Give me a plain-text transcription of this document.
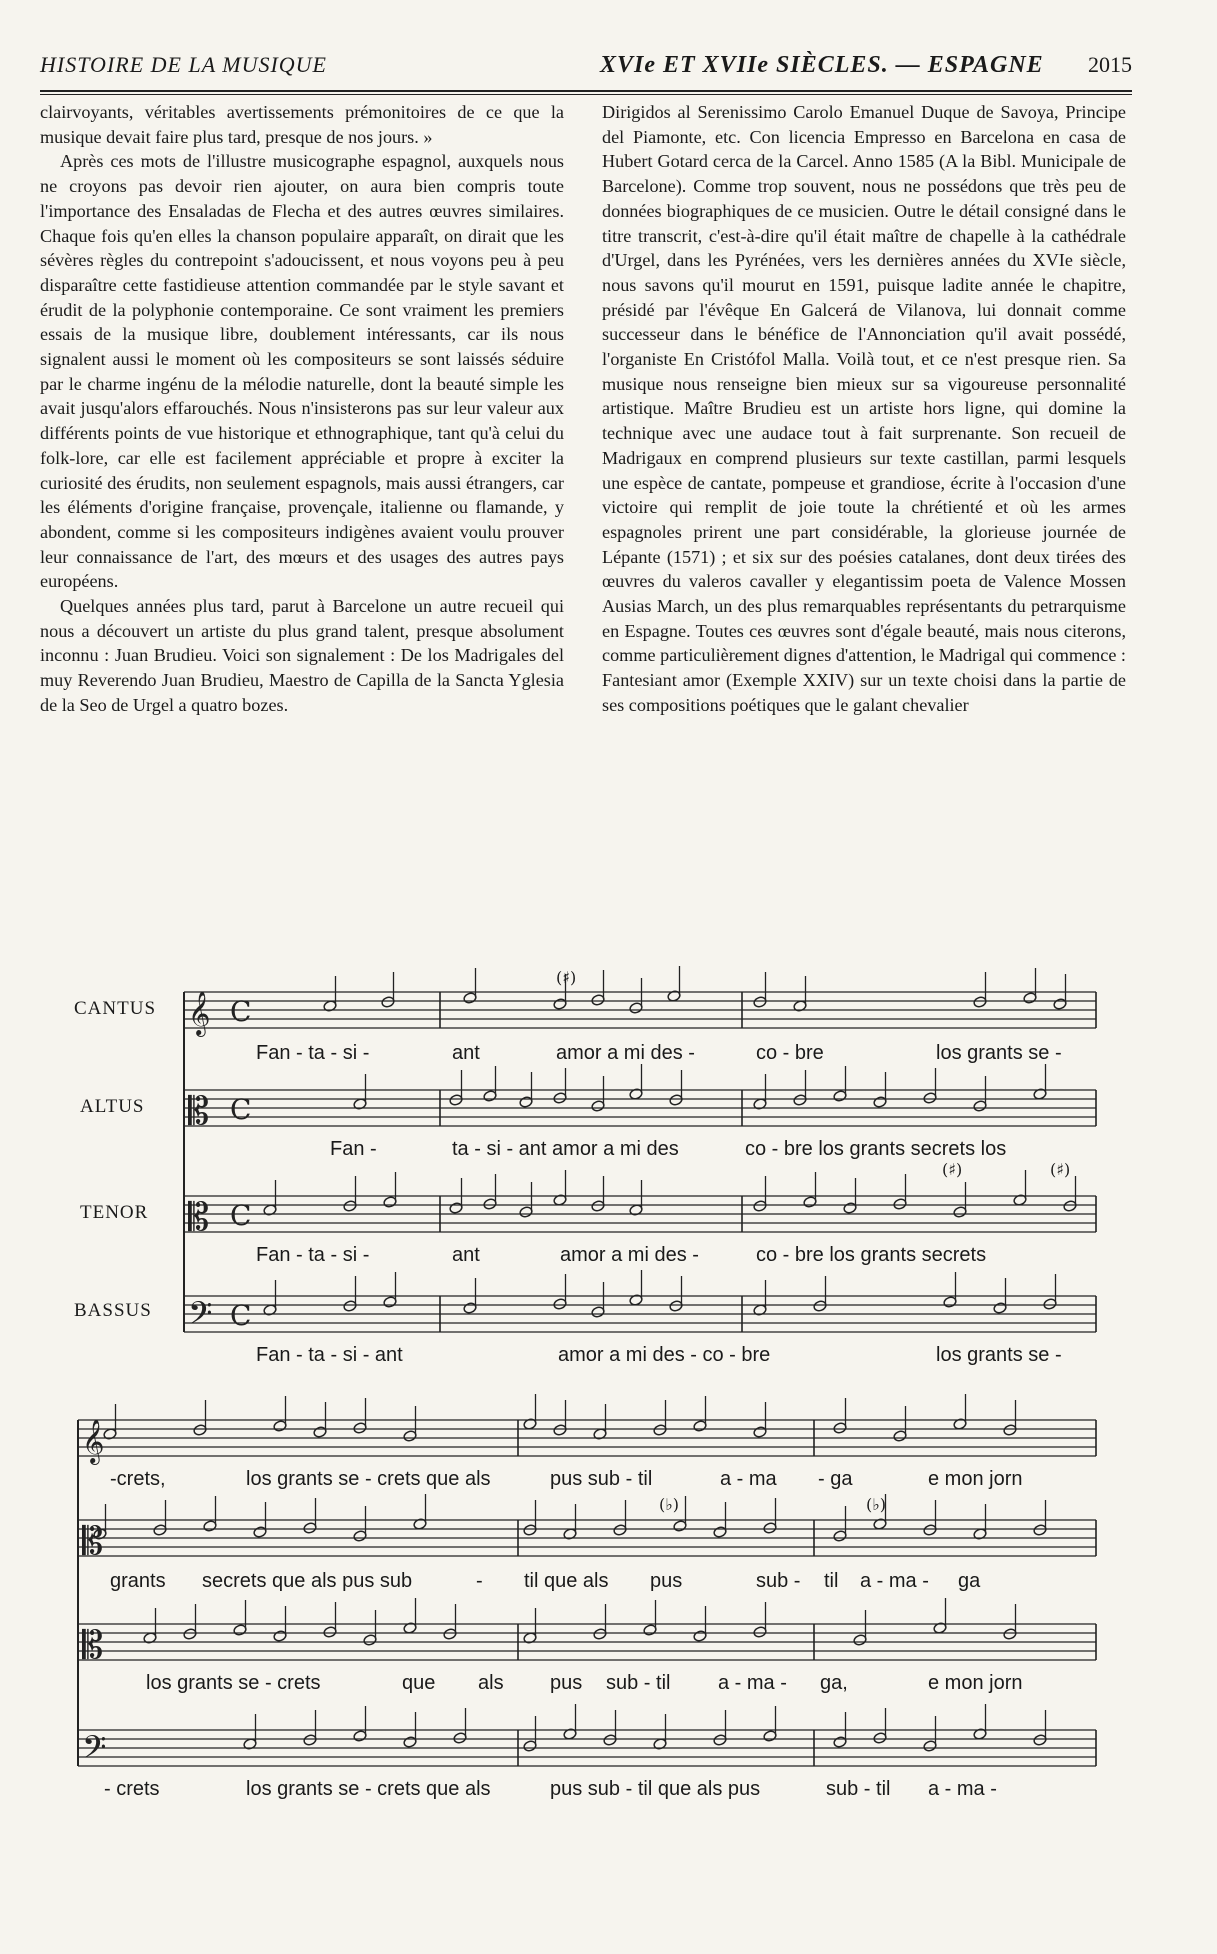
HISTOIRE DE LA MUSIQUE	XVIe ET XVIIe SIÈCLES. — ESPAGNE 2015

clairvoyants, véritables avertissements prémonitoires de ce que la musique devait faire plus tard, presque de nos jours. »

Après ces mots de l'illustre musicographe espagnol, auxquels nous ne croyons pas devoir rien ajouter, on aura bien compris toute l'importance des Ensaladas de Flecha et des autres œuvres similaires. Chaque fois qu'en elles la chanson populaire apparaît, on dirait que les sévères règles du contrepoint s'adoucissent, et nous voyons peu à peu disparaître cette fastidieuse attention commandée par le style savant et érudit de la polyphonie contemporaine. Ce sont vraiment les premiers essais de la musique libre, doublement intéressants, car ils nous signalent aussi le moment où les compositeurs se sont laissés séduire par le charme ingénu de la mélodie naturelle, dont la beauté simple les avait jusqu'alors effarouchés. Nous n'insisterons pas sur leur valeur aux différents points de vue historique et ethnographique, tant qu'à celui du folk-lore, car elle est facilement appréciable et propre à exciter la curiosité des érudits, non seulement espagnols, mais aussi étrangers, car les éléments d'origine française, provençale, italienne ou flamande, y abondent, comme si les compositeurs indigènes avaient voulu prouver leur connaissance de l'art, des mœurs et des usages des autres pays européens.

Quelques années plus tard, parut à Barcelone un autre recueil qui nous a découvert un artiste du plus grand talent, presque absolument inconnu : Juan Brudieu. Voici son signalement : De los Madrigales del muy Reverendo Juan Brudieu, Maestro de Capilla de la Sancta Yglesia de la Seo de Urgel a quatro bozes.

Dirigidos al Serenissimo Carolo Emanuel Duque de Savoya, Principe del Piamonte, etc. Con licencia Empresso en Barcelona en casa de Hubert Gotard cerca de la Carcel. Anno 1585 (A la Bibl. Municipale de Barcelone). Comme trop souvent, nous ne possédons que très peu de données biographiques de ce musicien. Outre le détail consigné dans le titre transcrit, c'est-à-dire qu'il était maître de chapelle à la cathédrale d'Urgel, dans les Pyrénées, vers les dernières années du XVIe siècle, nous savons qu'il mourut en 1591, puisque ladite année le chapitre, présidé par l'évêque En Galcerá de Vilanova, lui donnait comme successeur dans le bénéfice de l'Annonciation qu'il avait possédé, l'organiste En Cristófol Malla. Voilà tout, et ce n'est presque rien. Sa musique nous renseigne bien mieux sur sa vigoureuse personnalité artistique. Maître Brudieu est un artiste hors ligne, qui domine la technique avec une audace tout à fait surprenante. Son recueil de Madrigaux en comprend plusieurs sur texte castillan, parmi lesquels une espèce de cantate, pompeuse et grandiose, écrite à l'occasion d'une victoire qui remplit de joie toute la chrétienté et où les armes espagnoles prirent une part considérable, la glorieuse journée de Lépante (1571) ; et six sur des poésies catalanes, dont deux tirées des œuvres du valeros cavaller y elegantissim poeta de Valence Mossen Ausias March, un des plus remarquables représentants du petrarquisme en Espagne. Toutes ces œuvres sont d'égale beauté, mais nous citerons, comme particulièrement dignes d'attention, le Madrigal qui commence : Fantesiant amor (Exemple XXIV) sur un texte choisi dans la partie de ses compositions poétiques que le galant chevalier

𝄞
𝄡
𝄡
𝄢
𝄞
𝄡
𝄡
𝄢
C
C
C
C
CANTUS
ALTUS
TENOR
BASSUS
(♯)
(♯)	(♯)
(♭)	(♭)
Fan - ta - si -	ant	amor a mi des -	co - bre	los grants se -
Fan -	ta - si - ant amor a mi des	co - bre los grants secrets los
Fan - ta - si -	ant	amor a mi des -	co - bre los grants secrets
Fan - ta - si - ant	amor a mi des - co - bre	los grants se -
-crets,	los grants se - crets que als	pus sub - til	a - ma - ga	e mon jorn
grants secrets que als pus sub	- til que als pus	sub - til a - ma - ga
los grants se - crets	que als pus sub - til a - ma - ga,	e mon jorn
- crets	los grants se - crets que als	pus sub - til que als pus	sub - til a - ma -
